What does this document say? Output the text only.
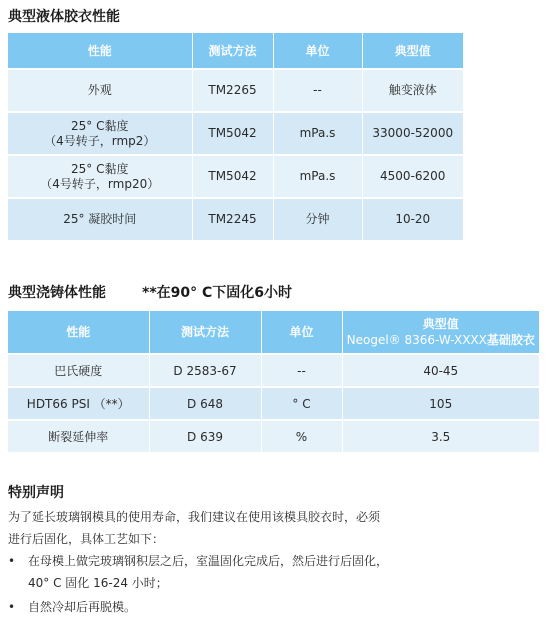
典型液体胶衣性能
性能	测试方法	单位	典型值
外观	TM2265	--	触变液体

25° C黏度
（4号转子，rmp2）	TM5042	mPa.s	33000-52000

25° C黏度
（4号转子，rmp20）	TM5042	mPa.s	4500-6200
25° 凝胶时间	TM2245	分钟	10-20
典型浇铸体性能	**在90° C下固化6小时
性能	测试方法	单位	典型值
Neogel® 8366-W-XXXX基础胶衣

巴氏硬度	D 2583-67	--	40-45
HDT66 PSI （**）	D 648	° C	105
断裂延伸率	D 639	%	3.5
特别声明
为了延长玻璃钢模具的使用寿命，我们建议在使用该模具胶衣时，必须进行后固化，具体工艺如下：
• 在母模上做完玻璃钢积层之后，室温固化完成后，然后进行后固化，40° C 固化 16-24 小时；
• 自然冷却后再脱模。
